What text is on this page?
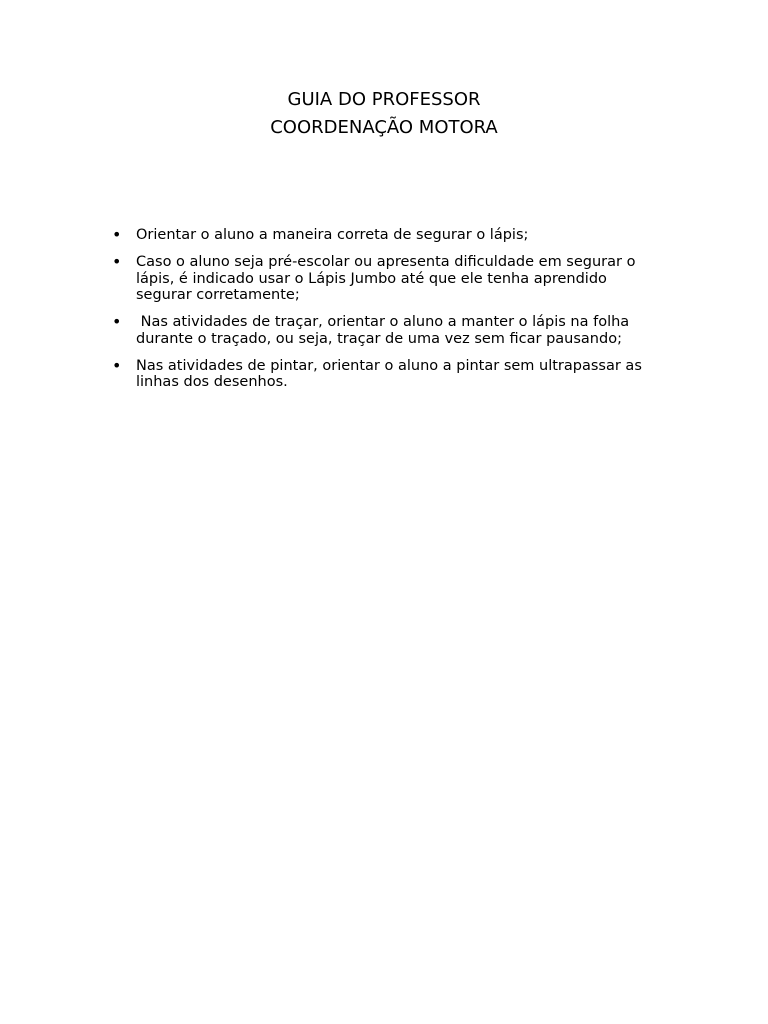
GUIA DO PROFESSOR
COORDENAÇÃO MOTORA
• Orientar o aluno a maneira correta de segurar o lápis;
• Caso o aluno seja pré-escolar ou apresenta dificuldade em segurar o
lápis, é indicado usar o Lápis Jumbo até que ele tenha aprendido
segurar corretamente;
•	Nas atividades de traçar, orientar o aluno a manter o lápis na folha
durante o traçado, ou seja, traçar de uma vez sem ficar pausando;
• Nas atividades de pintar, orientar o aluno a pintar sem ultrapassar as
linhas dos desenhos.
